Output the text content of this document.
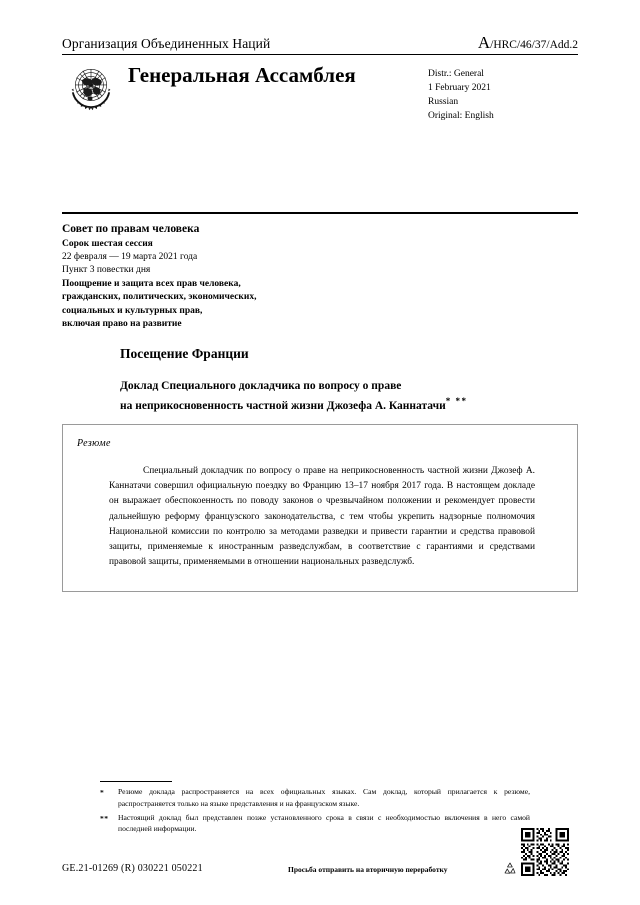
Организация Объединенных Наций	A/HRC/46/37/Add.2
Генеральная Ассамблея	Distr.: General
1 February 2021
Russian
Original: English
Совет по правам человека
Сорок шестая сессия
22 февраля — 19 марта 2021 года
Пункт 3 повестки дня
Поощрение и защита всех прав человека,
гражданских, политических, экономических,
социальных и культурных прав,
включая право на развитие
Посещение Франции
Доклад Специального докладчика по вопросу о праве
на неприкосновенность частной жизни Джозефа А. Каннатачи* **
Резюме
Специальный докладчик по вопросу о праве на неприкосновенность частной жизни Джозеф А. Каннатачи совершил официальную поездку во Францию 13–17 ноября 2017 года. В настоящем докладе он выражает обеспокоенность по поводу законов о чрезвычайном положении и рекомендует провести дальнейшую реформу французского законодательства, с тем чтобы укрепить надзорные полномочия Национальной комиссии по контролю за методами разведки и привести гарантии и средства правовой защиты, применяемые к иностранным разведслужбам, в соответствие с гарантиями и средствами правовой защиты, применяемыми в отношении национальных разведслужб.
*	Резюме доклада распространяется на всех официальных языках. Сам доклад, который прилагается к резюме, распространяется только на языке представления и на французском языке.
**	Настоящий доклад был представлен позже установленного срока в связи с необходимостью включения в него самой последней информации.
GE.21-01269 (R) 030221 050221	Просьба отправить на вторичную переработку
